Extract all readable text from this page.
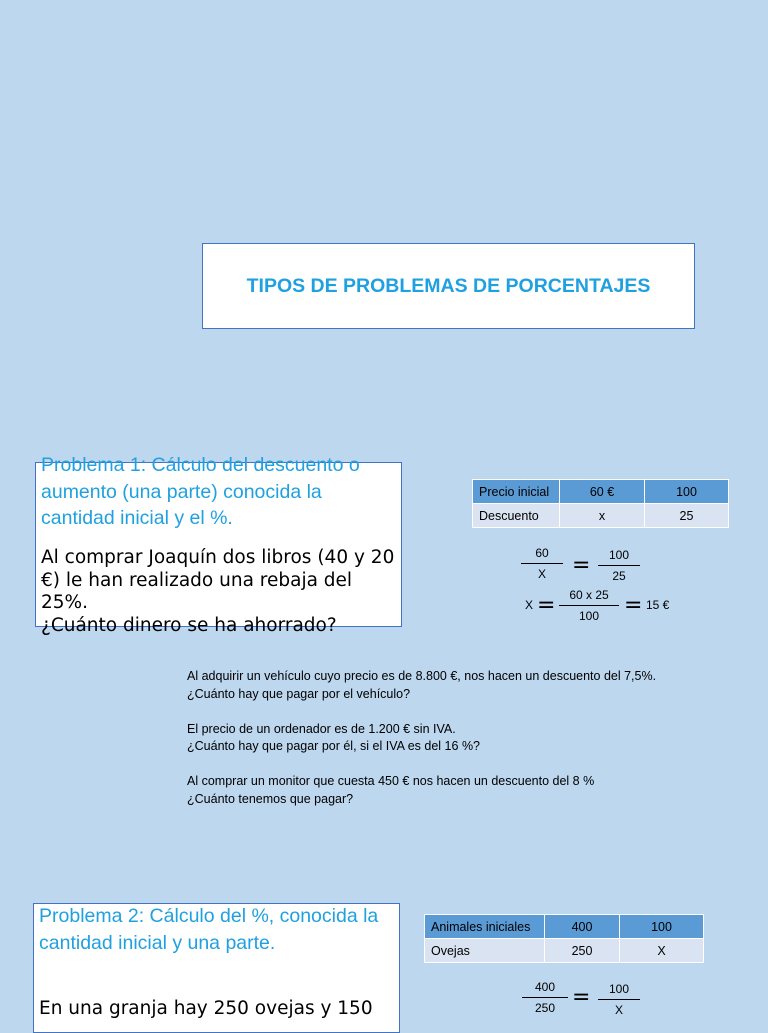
TIPOS DE PROBLEMAS DE PORCENTAJES
Problema 1: Cálculo del descuento o aumento (una parte) conocida la cantidad inicial y el %.
Al comprar Joaquín dos libros (40 y 20 €) le han realizado una rebaja del 25%.
¿Cuánto dinero se ha ahorrado?
Precio inicial	60 €	100
Descuento	x	25
60
X	=	100
25
X =	60 x 25
100	= 15 €

Al adquirir un vehículo cuyo precio es de 8.800 €, nos hacen un descuento del 7,5%.
¿Cuánto hay que pagar por el vehículo?

El precio de un ordenador es de 1.200 € sin IVA.
¿Cuánto hay que pagar por él, si el IVA es del 16 %?

Al comprar un monitor que cuesta 450 € nos hacen un descuento del 8 %
¿Cuánto tenemos que pagar?

Problema 2: Cálculo del %, conocida la cantidad inicial y una parte.
En una granja hay 250 ovejas y 150
Animales iniciales	400	100
Ovejas	250	X
400
250 =	100
X
